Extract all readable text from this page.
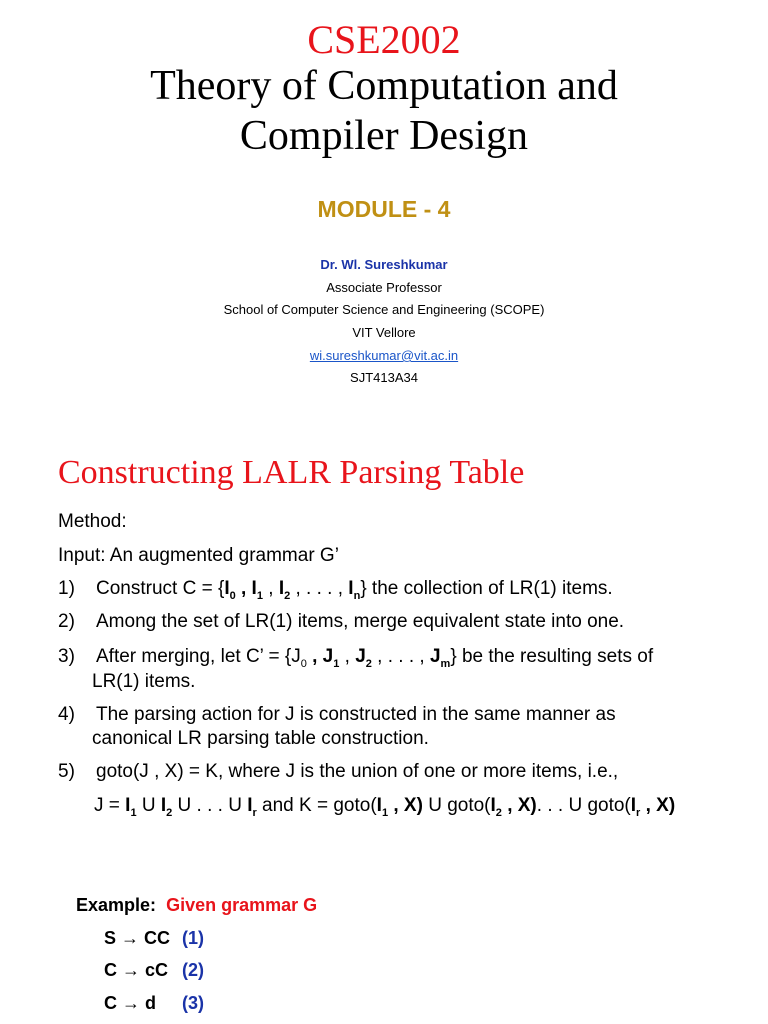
CSE2002
Theory of Computation and
Compiler Design
MODULE - 4
Dr. Wl. Sureshkumar
Associate Professor
School of Computer Science and Engineering (SCOPE)
VIT Vellore
wi.sureshkumar@vit.ac.in
SJT413A34
Constructing LALR Parsing Table
Method:
Input: An augmented grammar G’
1) Construct $C = \{I_0$ , $I_1$ , $I_2$ , . . . , $I_n$} the collection of LR(1) items.
2) Among the set of LR(1) items, merge equivalent state into one.
3) After merging, let C’ = {$J_0$ , $J_1$ , $J_2$ , . . . , $J_m$} be the resulting sets of
LR(1) items.
4) The parsing action for J is constructed in the same manner as
canonical LR parsing table construction.
5) goto(J , X) = K, where J is the union of one or more items, i.e.,
$J = I_1$ U $I_2$ U . . . U $I_r$ and $K = goto(I_1$ , X) U $goto(I_2$ , X). . . U $goto(I_r$ , X)
Example: Given grammar G
S → CC (1)
C → cC (2)
C → d (3)
